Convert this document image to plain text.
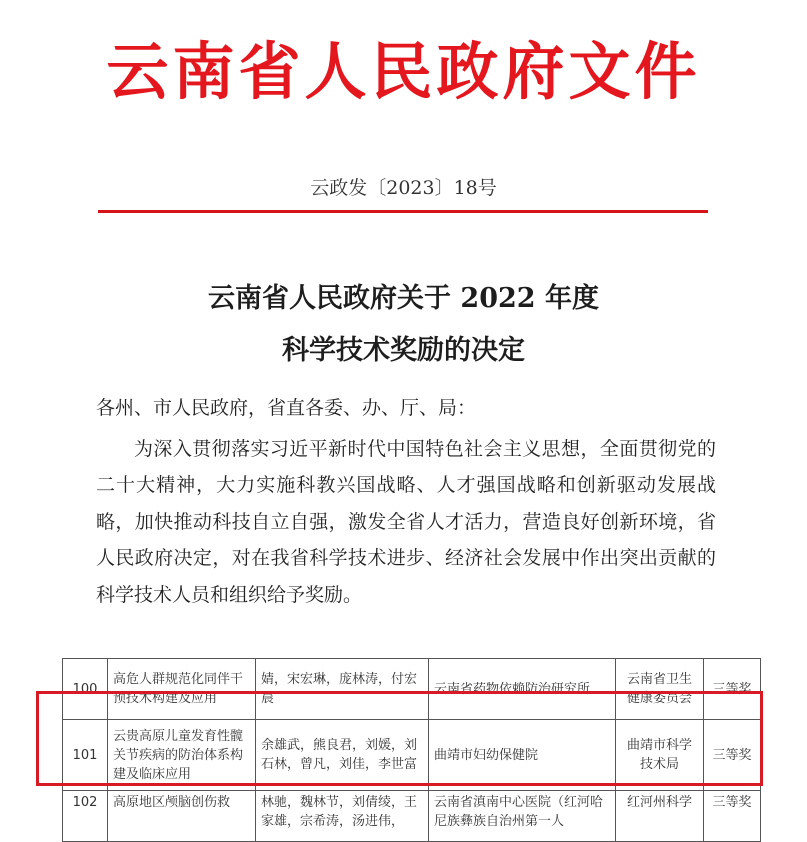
云南省人民政府文件
云政发〔2023〕18号
云南省人民政府关于 2022 年度
科学技术奖励的决定
各州、市人民政府，省直各委、办、厅、局：

为深入贯彻落实习近平新时代中国特色社会主义思想，全面贯彻党的二十大精神，大力实施科教兴国战略、人才强国战略和创新驱动发展战略，加快推动科技自立自强，激发全省人才活力，营造良好创新环境，省人民政府决定，对在我省科学技术进步、经济社会发展中作出突出贡献的科学技术人员和组织给予奖励。

100	高危人群规范化同伴干预技术构建及应用	婧，宋宏琳，庞林涛，付宏晨	云南省药物依赖防治研究所	云南省卫生健康委员会	三等奖
101	云贵高原儿童发育性髋关节疾病的防治体系构建及临床应用	余雄武，熊良君，刘媛，刘石林，曾凡，刘佳，李世富	曲靖市妇幼保健院	曲靖市科学技术局	三等奖
102	高原地区颅脑创伤救	林驰，魏林节，刘倩绫，王家雄，宗希涛，汤进伟，	云南省滇南中心医院（红河哈尼族彝族自治州第一人	红河州科学	三等奖
